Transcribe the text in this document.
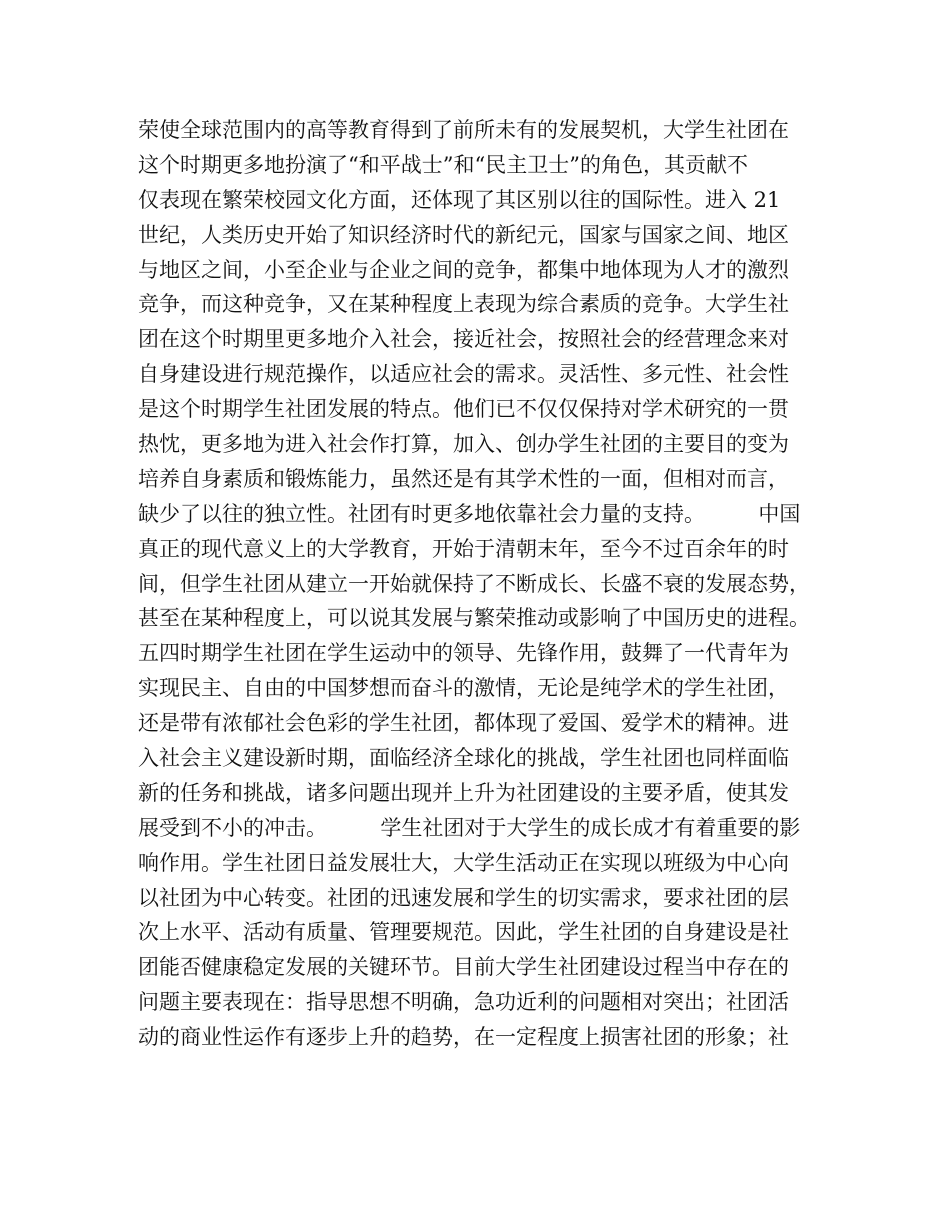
荣使全球范围内的高等教育得到了前所未有的发展契机，大学生社团在
这个时期更多地扮演了“和平战士”和“民主卫士”的角色，其贡献不
仅表现在繁荣校园文化方面，还体现了其区别以往的国际性。进入 21
世纪，人类历史开始了知识经济时代的新纪元，国家与国家之间、地区
与地区之间，小至企业与企业之间的竞争，都集中地体现为人才的激烈
竞争，而这种竞争，又在某种程度上表现为综合素质的竞争。大学生社
团在这个时期里更多地介入社会，接近社会，按照社会的经营理念来对
自身建设进行规范操作，以适应社会的需求。灵活性、多元性、社会性
是这个时期学生社团发展的特点。他们已不仅仅保持对学术研究的一贯
热忱，更多地为进入社会作打算，加入、创办学生社团的主要目的变为
培养自身素质和锻炼能力，虽然还是有其学术性的一面，但相对而言，
缺少了以往的独立性。社团有时更多地依靠社会力量的支持。        中国
真正的现代意义上的大学教育，开始于清朝末年，至今不过百余年的时
间，但学生社团从建立一开始就保持了不断成长、长盛不衰的发展态势，
甚至在某种程度上，可以说其发展与繁荣推动或影响了中国历史的进程。
五四时期学生社团在学生运动中的领导、先锋作用，鼓舞了一代青年为
实现民主、自由的中国梦想而奋斗的激情，无论是纯学术的学生社团，
还是带有浓郁社会色彩的学生社团，都体现了爱国、爱学术的精神。进
入社会主义建设新时期，面临经济全球化的挑战，学生社团也同样面临
新的任务和挑战，诸多问题出现并上升为社团建设的主要矛盾，使其发
展受到不小的冲击。        学生社团对于大学生的成长成才有着重要的影
响作用。学生社团日益发展壮大，大学生活动正在实现以班级为中心向
以社团为中心转变。社团的迅速发展和学生的切实需求，要求社团的层
次上水平、活动有质量、管理要规范。因此，学生社团的自身建设是社
团能否健康稳定发展的关键环节。目前大学生社团建设过程当中存在的
问题主要表现在：指导思想不明确，急功近利的问题相对突出；社团活
动的商业性运作有逐步上升的趋势，在一定程度上损害社团的形象；社
